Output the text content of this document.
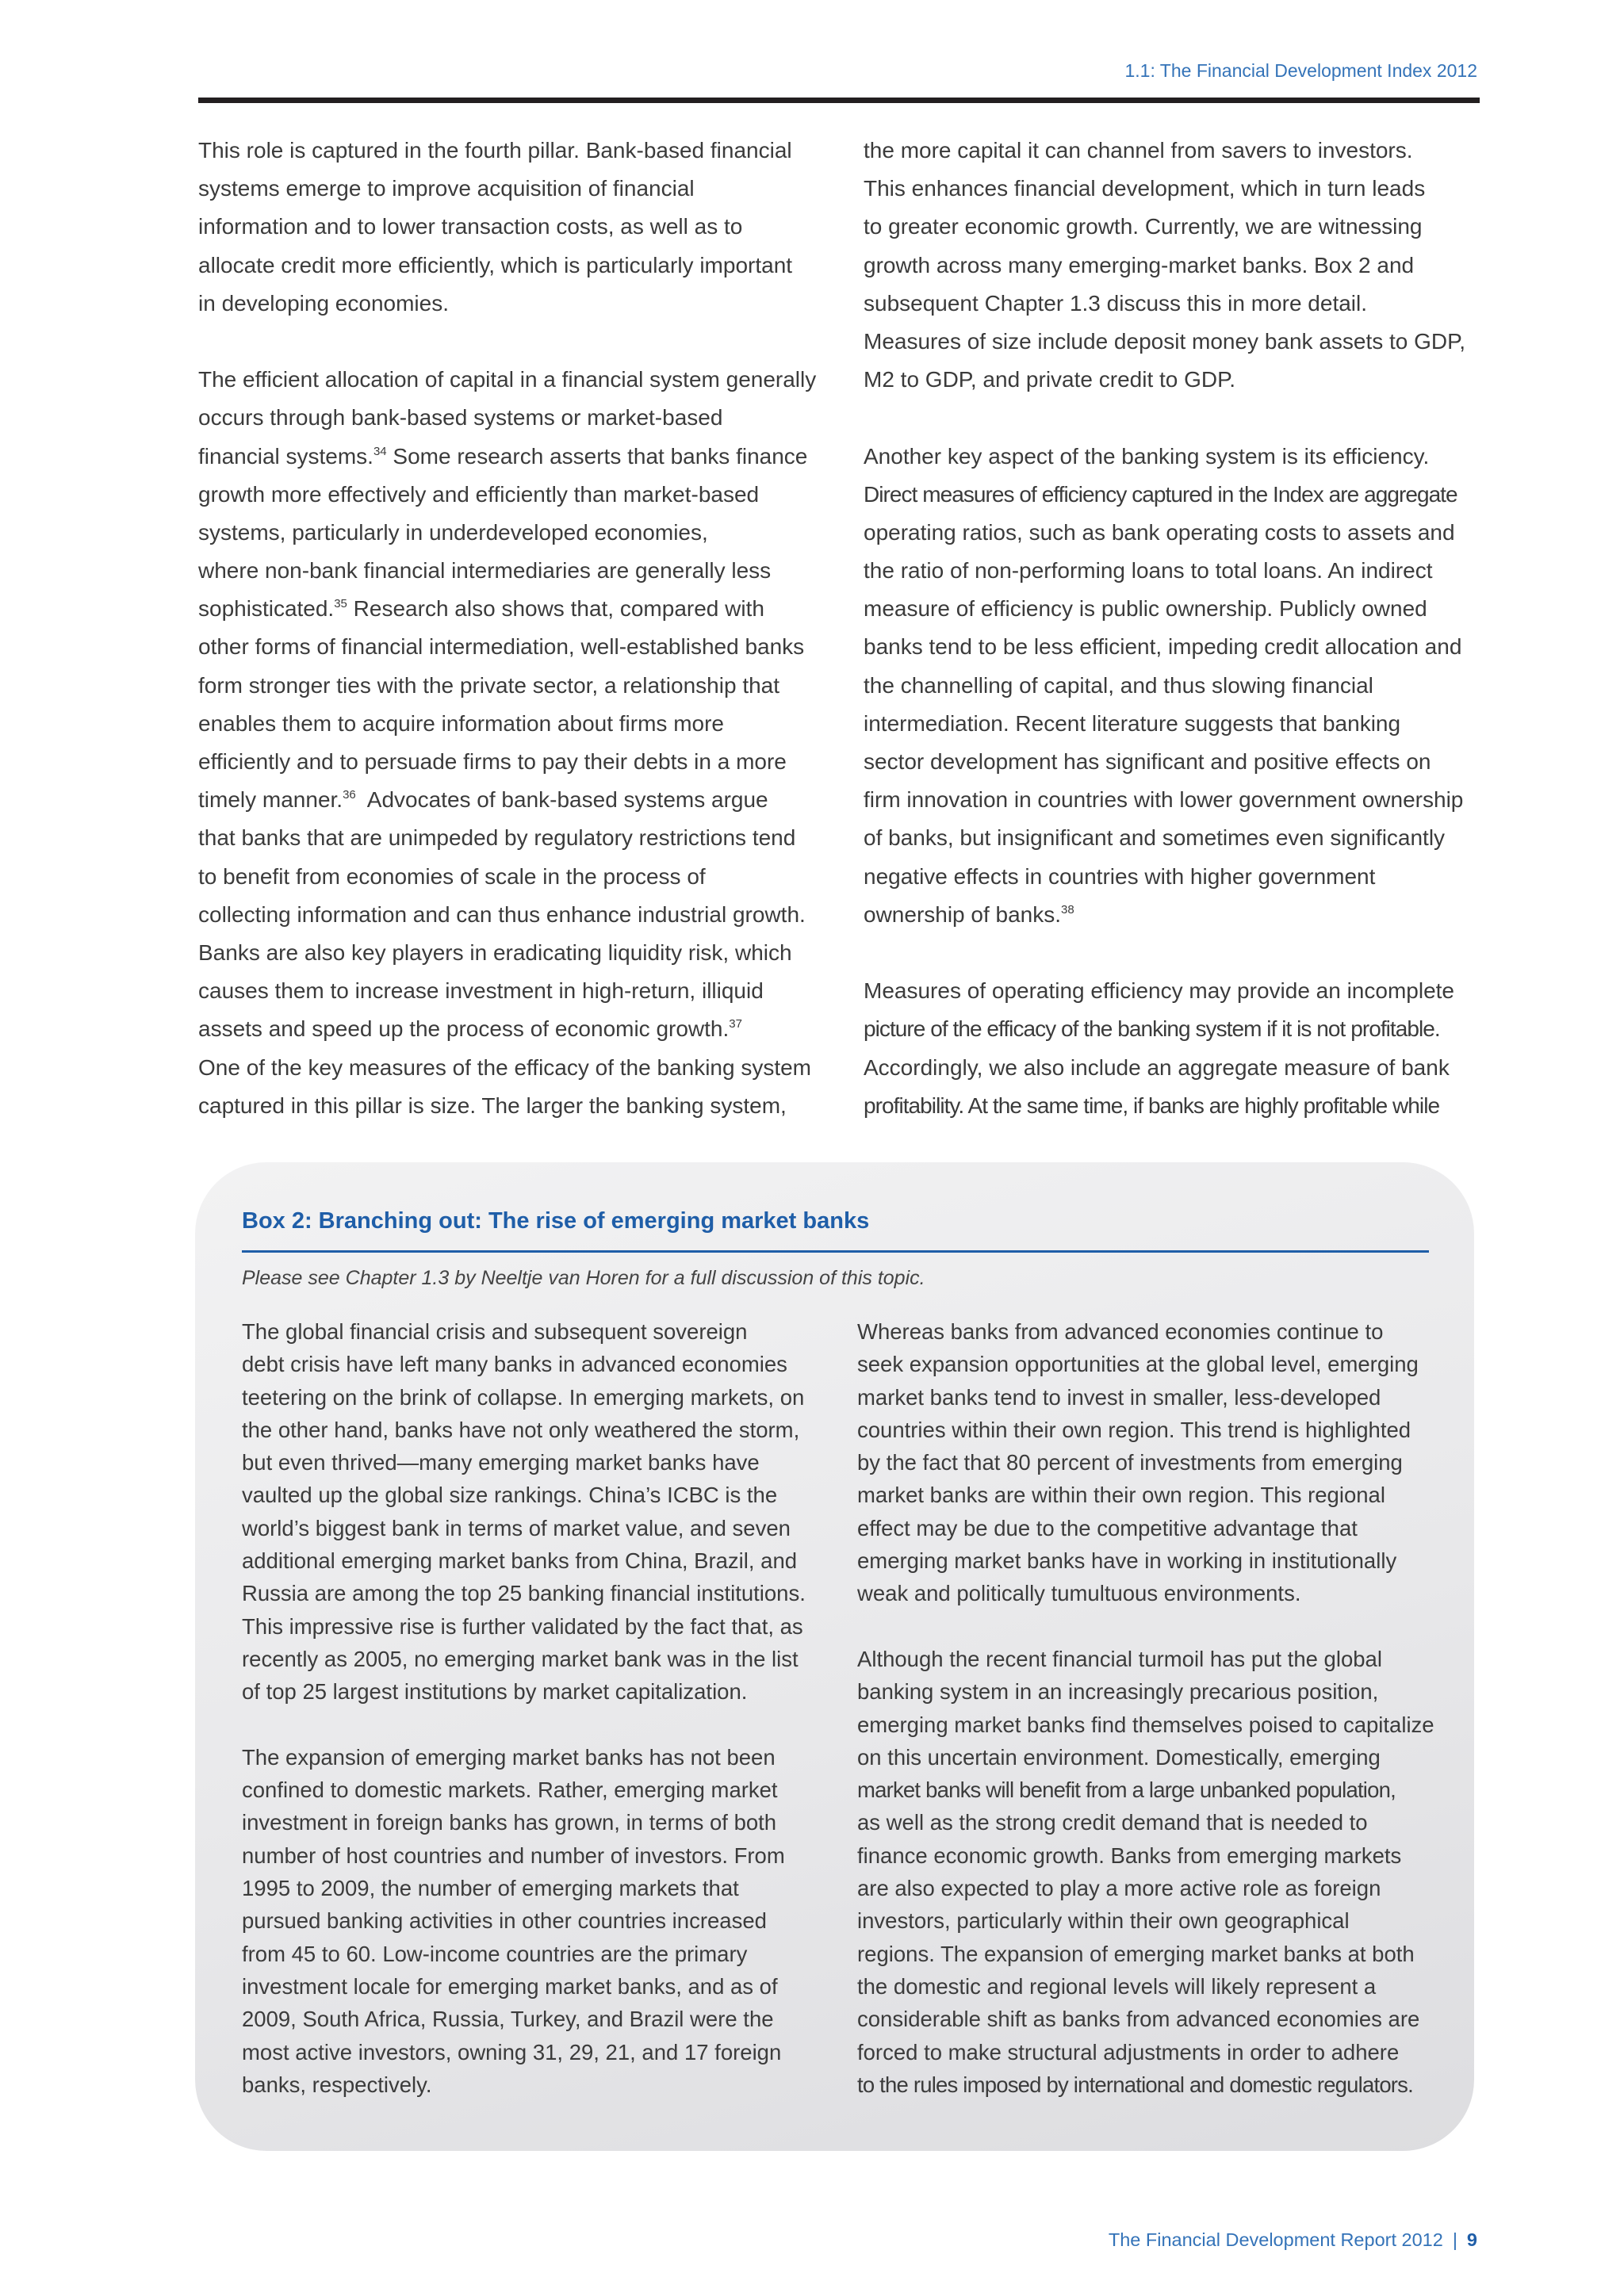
1.1: The Financial Development Index 2012
This role is captured in the fourth pillar. Bank-based financial
systems emerge to improve acquisition of financial
information and to lower transaction costs, as well as to
allocate credit more efficiently, which is particularly important
in developing economies.
The efficient allocation of capital in a financial system generally
occurs through bank-based systems or market-based
financial systems.$^{34}$ Some research asserts that banks finance
growth more effectively and efficiently than market-based
systems, particularly in underdeveloped economies,
where non-bank financial intermediaries are generally less
sophisticated.$^{35}$ Research also shows that, compared with
other forms of financial intermediation, well-established banks
form stronger ties with the private sector, a relationship that
enables them to acquire information about firms more
efficiently and to persuade firms to pay their debts in a more
timely manner.$^{36}$  Advocates of bank-based systems argue
that banks that are unimpeded by regulatory restrictions tend
to benefit from economies of scale in the process of
collecting information and can thus enhance industrial growth.
Banks are also key players in eradicating liquidity risk, which
causes them to increase investment in high-return, illiquid
assets and speed up the process of economic growth.$^{37}$
One of the key measures of the efficacy of the banking system
captured in this pillar is size. The larger the banking system,
the more capital it can channel from savers to investors.
This enhances financial development, which in turn leads
to greater economic growth. Currently, we are witnessing
growth across many emerging-market banks. Box 2 and
subsequent Chapter 1.3 discuss this in more detail.
Measures of size include deposit money bank assets to GDP,
M2 to GDP, and private credit to GDP.
Another key aspect of the banking system is its efficiency.
Direct measures of efficiency captured in the Index are aggregate
operating ratios, such as bank operating costs to assets and
the ratio of non-performing loans to total loans. An indirect
measure of efficiency is public ownership. Publicly owned
banks tend to be less efficient, impeding credit allocation and
the channelling of capital, and thus slowing financial
intermediation. Recent literature suggests that banking
sector development has significant and positive effects on
firm innovation in countries with lower government ownership
of banks, but insignificant and sometimes even significantly
negative effects in countries with higher government
ownership of banks.$^{38}$
Measures of operating efficiency may provide an incomplete
picture of the efficacy of the banking system if it is not profitable.
Accordingly, we also include an aggregate measure of bank
profitability. At the same time, if banks are highly profitable while
Box 2: Branching out: The rise of emerging market banks
Please see Chapter 1.3 by Neeltje van Horen for a full discussion of this topic.
The global financial crisis and subsequent sovereign
debt crisis have left many banks in advanced economies
teetering on the brink of collapse. In emerging markets, on
the other hand, banks have not only weathered the storm,
but even thrived—many emerging market banks have
vaulted up the global size rankings. China’s ICBC is the
world’s biggest bank in terms of market value, and seven
additional emerging market banks from China, Brazil, and
Russia are among the top 25 banking financial institutions.
This impressive rise is further validated by the fact that, as
recently as 2005, no emerging market bank was in the list
of top 25 largest institutions by market capitalization.
The expansion of emerging market banks has not been
confined to domestic markets. Rather, emerging market
investment in foreign banks has grown, in terms of both
number of host countries and number of investors. From
1995 to 2009, the number of emerging markets that
pursued banking activities in other countries increased
from 45 to 60. Low-income countries are the primary
investment locale for emerging market banks, and as of
2009, South Africa, Russia, Turkey, and Brazil were the
most active investors, owning 31, 29, 21, and 17 foreign
banks, respectively.
Whereas banks from advanced economies continue to
seek expansion opportunities at the global level, emerging
market banks tend to invest in smaller, less-developed
countries within their own region. This trend is highlighted
by the fact that 80 percent of investments from emerging
market banks are within their own region. This regional
effect may be due to the competitive advantage that
emerging market banks have in working in institutionally
weak and politically tumultuous environments.
Although the recent financial turmoil has put the global
banking system in an increasingly precarious position,
emerging market banks find themselves poised to capitalize
on this uncertain environment. Domestically, emerging
market banks will benefit from a large unbanked population,
as well as the strong credit demand that is needed to
finance economic growth. Banks from emerging markets
are also expected to play a more active role as foreign
investors, particularly within their own geographical
regions. The expansion of emerging market banks at both
the domestic and regional levels will likely represent a
considerable shift as banks from advanced economies are
forced to make structural adjustments in order to adhere
to the rules imposed by international and domestic regulators.
The Financial Development Report 2012 | 9
